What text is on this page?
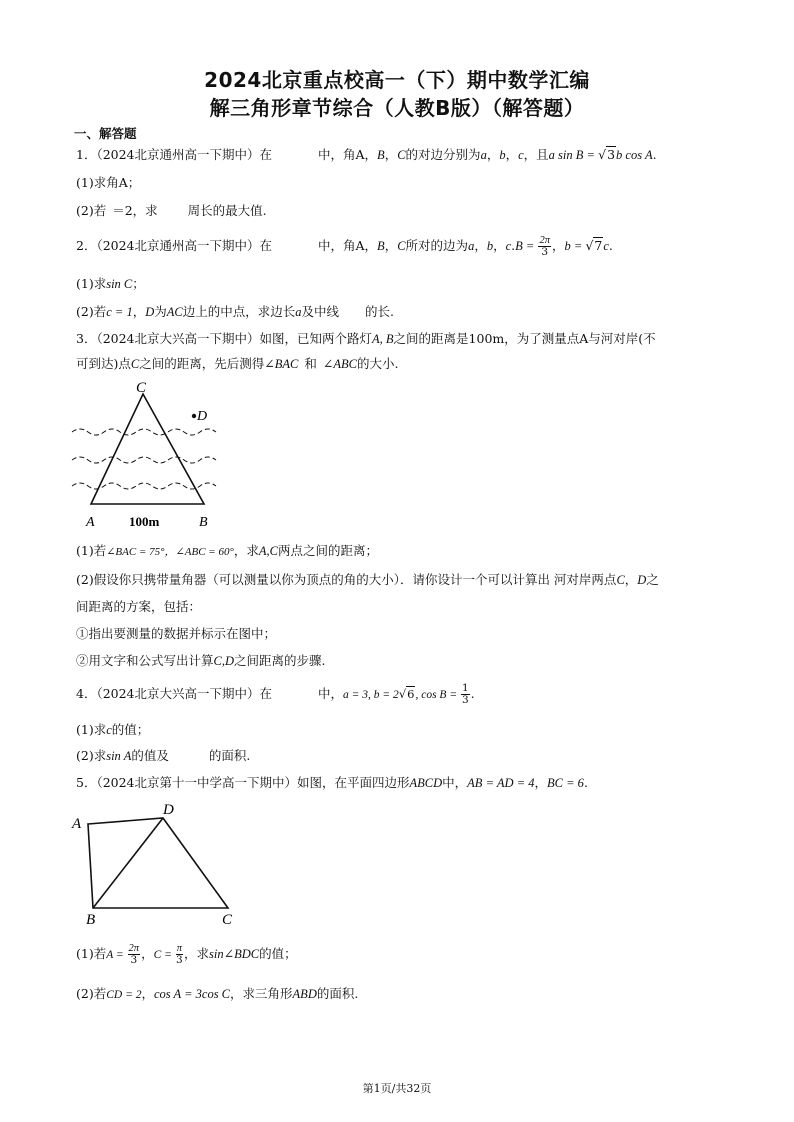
2024北京重点校高一（下）期中数学汇编
解三角形章节综合（人教B版）（解答题）
一、解答题
1．（2024北京通州高一下期中）在	中，角A，B，C的对边分别为a，b，c，且a sin B = √3b cos A.
(1)求角A；
(2)若 ＝2，求 周长的最大值.
2．（2024北京通州高一下期中）在	中，角A，B，C所对的边为a，b，$c.B = \frac{2\pi}{3}$ ，b = √7c.
(1)求sin C；
(2)若c = 1，D为AC边上的中点，求边长a及中线 的长.
3．（2024北京大兴高一下期中）如图，已知两个路灯A, B之间的距离是100m，为了测量点A与河对岸(不
可到达)点C之间的距离，先后测得∠BAC 和 ∠ABC的大小.
C
D
A	B
100m
(1)若∠BAC = 75°，∠ABC = 60°，求A,C两点之间的距离；
(2)假设你只携带量角器（可以测量以你为顶点的角的大小）．请你设计一个可以计算出 河对岸两点C，D之
间距离的方案，包括：
①指出要测量的数据并标示在图中；
②用文字和公式写出计算C,D之间距离的步骤.
4．（2024北京大兴高一下期中）在	中，a = 3, b = 2√6, $\cos B = \frac{1}{3}$ .
(1)求c的值；
(2)求sin A的值及	的面积.
5．（2024北京第十一中学高一下期中）如图，在平面四边形ABCD中，AB = AD = 4，BC = 6.
A
D
B	C
(1)若$A = \frac{2\pi}{3}$ ，$C = \frac{\pi}{3}$ ，求sin∠BDC的值；
(2)若CD = 2，cos A = 3cos C，求三角形ABD的面积.
第1页/共32页
